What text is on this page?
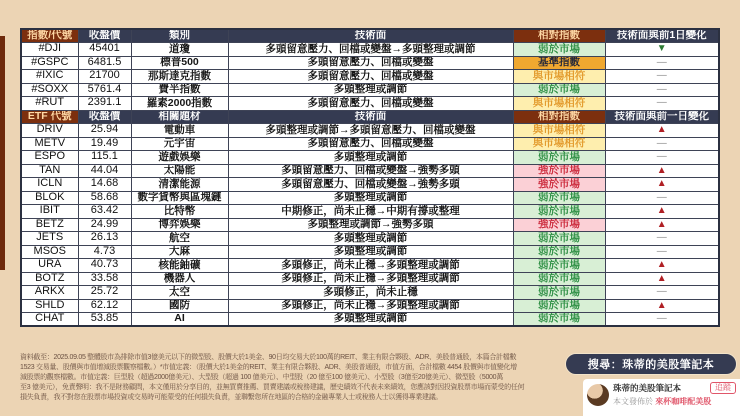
指數/代號	收盤價	類別	技術面	相對指數	技術面與前1日變化
#DJI	45401	道瓊	多頭留意壓力、回檔或變盤→多頭整理或調節	弱於市場	▼
#GSPC	6481.5	標普500	多頭留意壓力、回檔或變盤	基準指數	—
#IXIC	21700	那斯達克指數	多頭留意壓力、回檔或變盤	與市場相符	—
#SOXX	5761.4	費半指數	多頭整理或調節	弱於市場	—
#RUT	2391.1	羅素2000指數	多頭留意壓力、回檔或變盤	與市場相符	—
ETF 代號	收盤價	相關題材	技術面	相對指數	技術面與前一日變化
DRIV	25.94	電動車	多頭整理或調節→多頭留意壓力、回檔或變盤	與市場相符	▲
METV	19.49	元宇宙	多頭留意壓力、回檔或變盤	與市場相符	—
ESPO	115.1	遊戲娛樂	多頭整理或調節	弱於市場	—
TAN	44.04	太陽能	多頭留意壓力、回檔或變盤→強勢多頭	強於市場	▲
ICLN	14.68	清潔能源	多頭留意壓力、回檔或變盤→強勢多頭	強於市場	▲
BLOK	58.68	數字貨幣與區塊鏈	多頭整理或調節	弱於市場	—
IBIT	63.42	比特幣	中期修正，尚未止穩→中期有撐或整理	弱於市場	▲
BETZ	24.99	博弈娛樂	多頭整理或調節→強勢多頭	強於市場	▲
JETS	26.13	航空	多頭整理或調節	弱於市場	—
MSOS	4.73	大麻	多頭整理或調節	弱於市場	—
URA	40.73	核能鈾礦	多頭修正，尚未止穩→多頭整理或調節	弱於市場	▲
BOTZ	33.58	機器人	多頭修正，尚未止穩→多頭整理或調節	弱於市場	▲
ARKX	25.72	太空	多頭修正，尚未止穩	弱於市場	—
SHLD	62.12	國防	多頭修正，尚未止穩→多頭整理或調節	弱於市場	▲
CHAT	53.85	AI	多頭整理或調節	弱於市場	—
資料截至：2025.09.05 整體股市為排除市值3億美元以下的微型股、股價大於1美金、90日均交易大於100萬的REIT、業主有限合夥股、ADR、美股普通股，本篇合計檔數
1523 交易量、股價與市值增減股票觀察檔數。）*市值定義：（股價大於1美金的REIT、業主有限合夥股、ADR、美股普通股，市值方面，合計檔數 4454 股價與市值變化增
減股票的觀察檔數。市值定義：巨型股（超過2000億美元）、大型股（超過 100 億美元）、中型股（20 億至100 億美元）、小型股（3億至20億美元）、微型股（5000萬
至3 億美元），免責聲明：我不是財務顧問，本文僅用於分享目的，並無買賣推薦、買賣建議或稅務建議，歷史績效不代表未來績效，您應該對因投資股票市場而蒙受的任何
損失負責，我不對您在股票市場投資或交易時可能蒙受的任何損失負責，並聯繫您所在地區的合格的金融專業人士或稅務人士以獲得專業建議。
搜尋：珠蒂的美股筆記本
珠蒂的美股筆記本	追蹤
本文發佈於 來杯咖啡配美股
